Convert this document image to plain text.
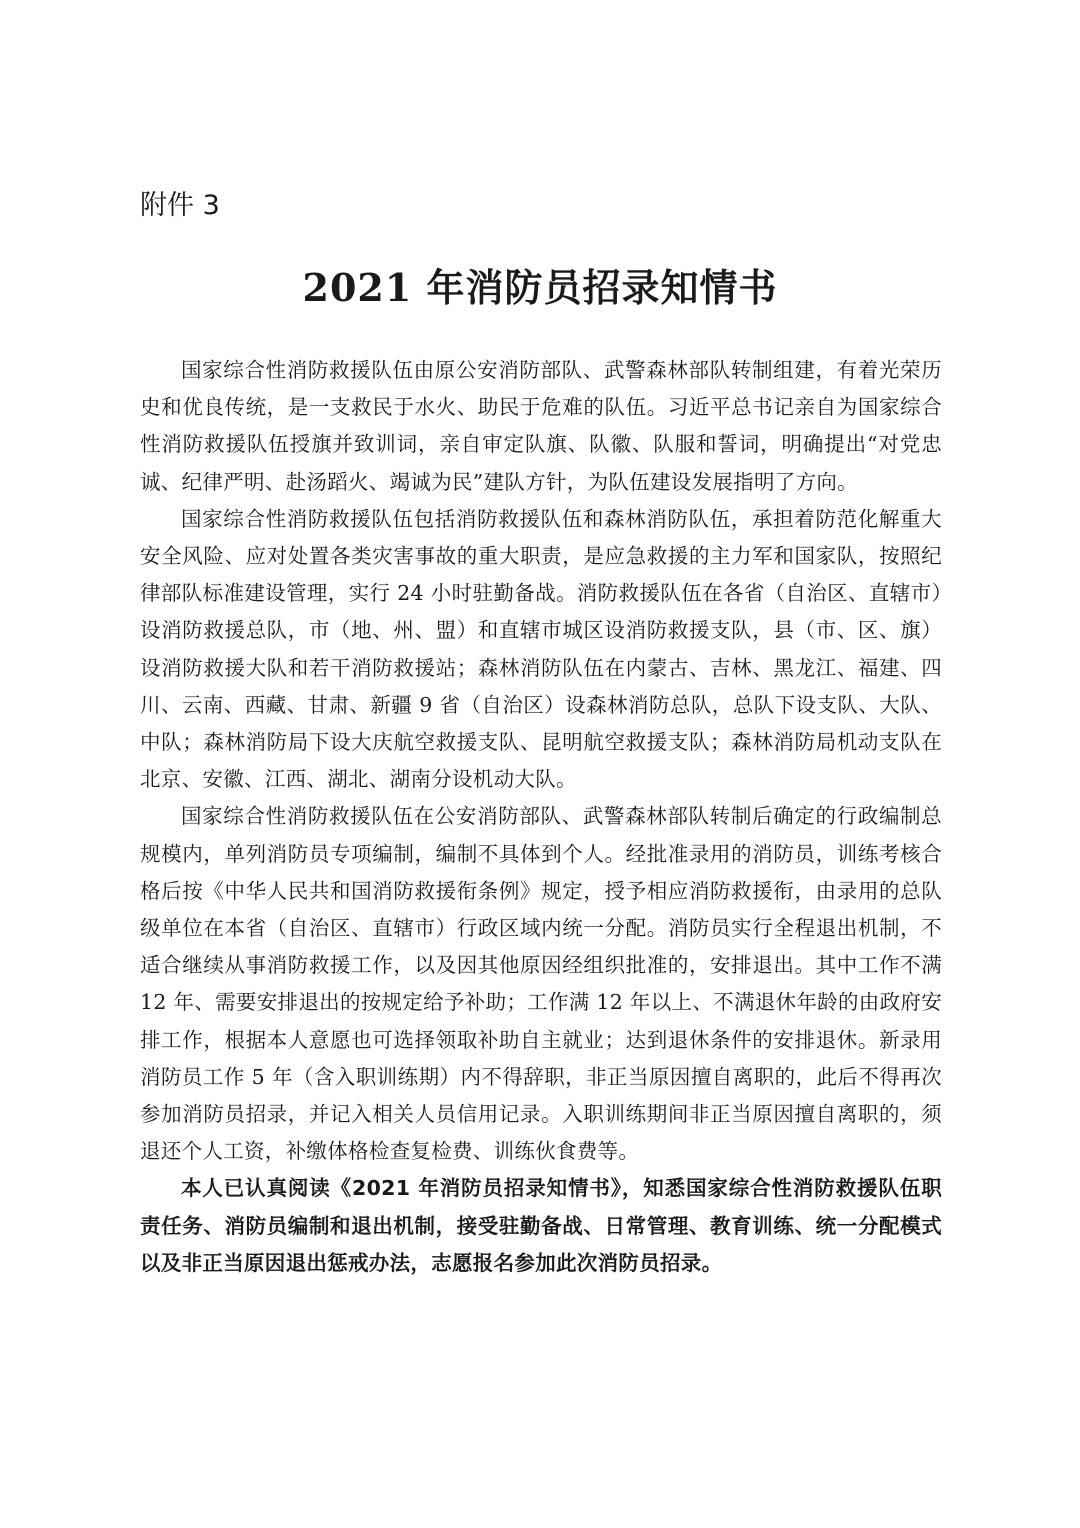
附件 3
2021 年消防员招录知情书

国家综合性消防救援队伍由原公安消防部队、武警森林部队转制组建，有着光荣历史和优良传统，是一支救民于水火、助民于危难的队伍。习近平总书记亲自为国家综合性消防救援队伍授旗并致训词，亲自审定队旗、队徽、队服和誓词，明确提出“对党忠诚、纪律严明、赴汤蹈火、竭诚为民”建队方针，为队伍建设发展指明了方向。

国家综合性消防救援队伍包括消防救援队伍和森林消防队伍，承担着防范化解重大安全风险、应对处置各类灾害事故的重大职责，是应急救援的主力军和国家队，按照纪律部队标准建设管理，实行 24 小时驻勤备战。消防救援队伍在各省（自治区、直辖市）设消防救援总队，市（地、州、盟）和直辖市城区设消防救援支队，县（市、区、旗）设消防救援大队和若干消防救援站；森林消防队伍在内蒙古、吉林、黑龙江、福建、四川、云南、西藏、甘肃、新疆 9 省（自治区）设森林消防总队，总队下设支队、大队、中队；森林消防局下设大庆航空救援支队、昆明航空救援支队；森林消防局机动支队在北京、安徽、江西、湖北、湖南分设机动大队。

国家综合性消防救援队伍在公安消防部队、武警森林部队转制后确定的行政编制总规模内，单列消防员专项编制，编制不具体到个人。经批准录用的消防员，训练考核合格后按《中华人民共和国消防救援衔条例》规定，授予相应消防救援衔，由录用的总队级单位在本省（自治区、直辖市）行政区域内统一分配。消防员实行全程退出机制，不适合继续从事消防救援工作，以及因其他原因经组织批准的，安排退出。其中工作不满 12 年、需要安排退出的按规定给予补助；工作满 12 年以上、不满退休年龄的由政府安排工作，根据本人意愿也可选择领取补助自主就业；达到退休条件的安排退休。新录用消防员工作 5 年（含入职训练期）内不得辞职，非正当原因擅自离职的，此后不得再次参加消防员招录，并记入相关人员信用记录。入职训练期间非正当原因擅自离职的，须退还个人工资，补缴体格检查复检费、训练伙食费等。

本人已认真阅读《2021 年消防员招录知情书》，知悉国家综合性消防救援队伍职责任务、消防员编制和退出机制，接受驻勤备战、日常管理、教育训练、统一分配模式以及非正当原因退出惩戒办法，志愿报名参加此次消防员招录。
